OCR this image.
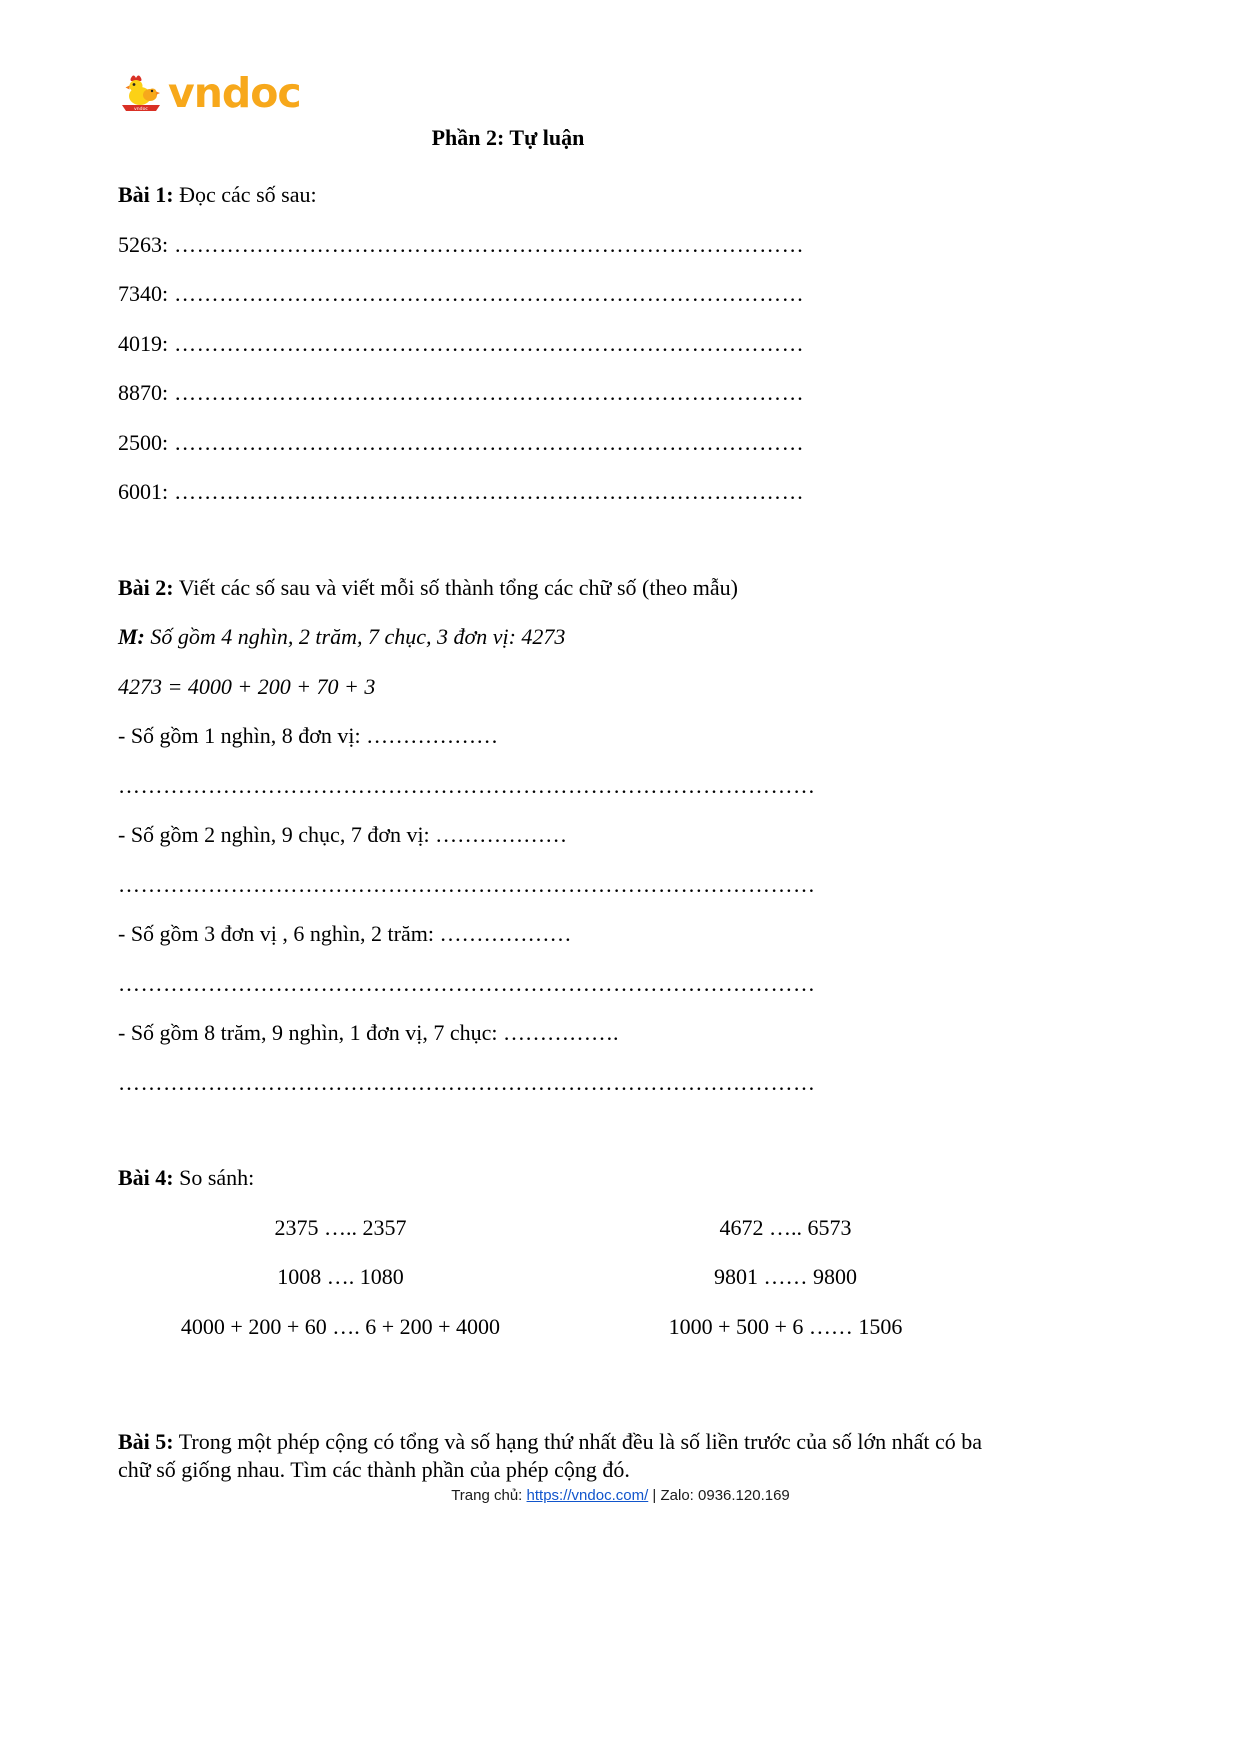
vndoc vndoc
Phần 2: Tự luận
Bài 1: Đọc các số sau:
5263: …………………………………………………………………………
7340: …………………………………………………………………………
4019: …………………………………………………………………………
8870: …………………………………………………………………………
2500: …………………………………………………………………………
6001: …………………………………………………………………………
Bài 2: Viết các số sau và viết mỗi số thành tổng các chữ số (theo mẫu)
M: Số gồm 4 nghìn, 2 trăm, 7 chục, 3 đơn vị: 4273
4273 = 4000 + 200 + 70 + 3
- Số gồm 1 nghìn, 8 đơn vị: ………………
…………………………………………………………………………………
- Số gồm 2 nghìn, 9 chục, 7 đơn vị: ………………
…………………………………………………………………………………
- Số gồm 3 đơn vị , 6 nghìn, 2 trăm: ………………
…………………………………………………………………………………
- Số gồm 8 trăm, 9 nghìn, 1 đơn vị, 7 chục: …………….
…………………………………………………………………………………
Bài 4: So sánh:
2375 ….. 2357	4672 ….. 6573
1008 …. 1080	9801 …… 9800
4000 + 200 + 60 …. 6 + 200 + 4000	1000 + 500 + 6 …… 1506
Bài 5: Trong một phép cộng có tổng và số hạng thứ nhất đều là số liền trước của số lớn nhất có ba chữ số giống nhau. Tìm các thành phần của phép cộng đó.
Trang chủ: https://vndoc.com/ | Zalo: 0936.120.169
